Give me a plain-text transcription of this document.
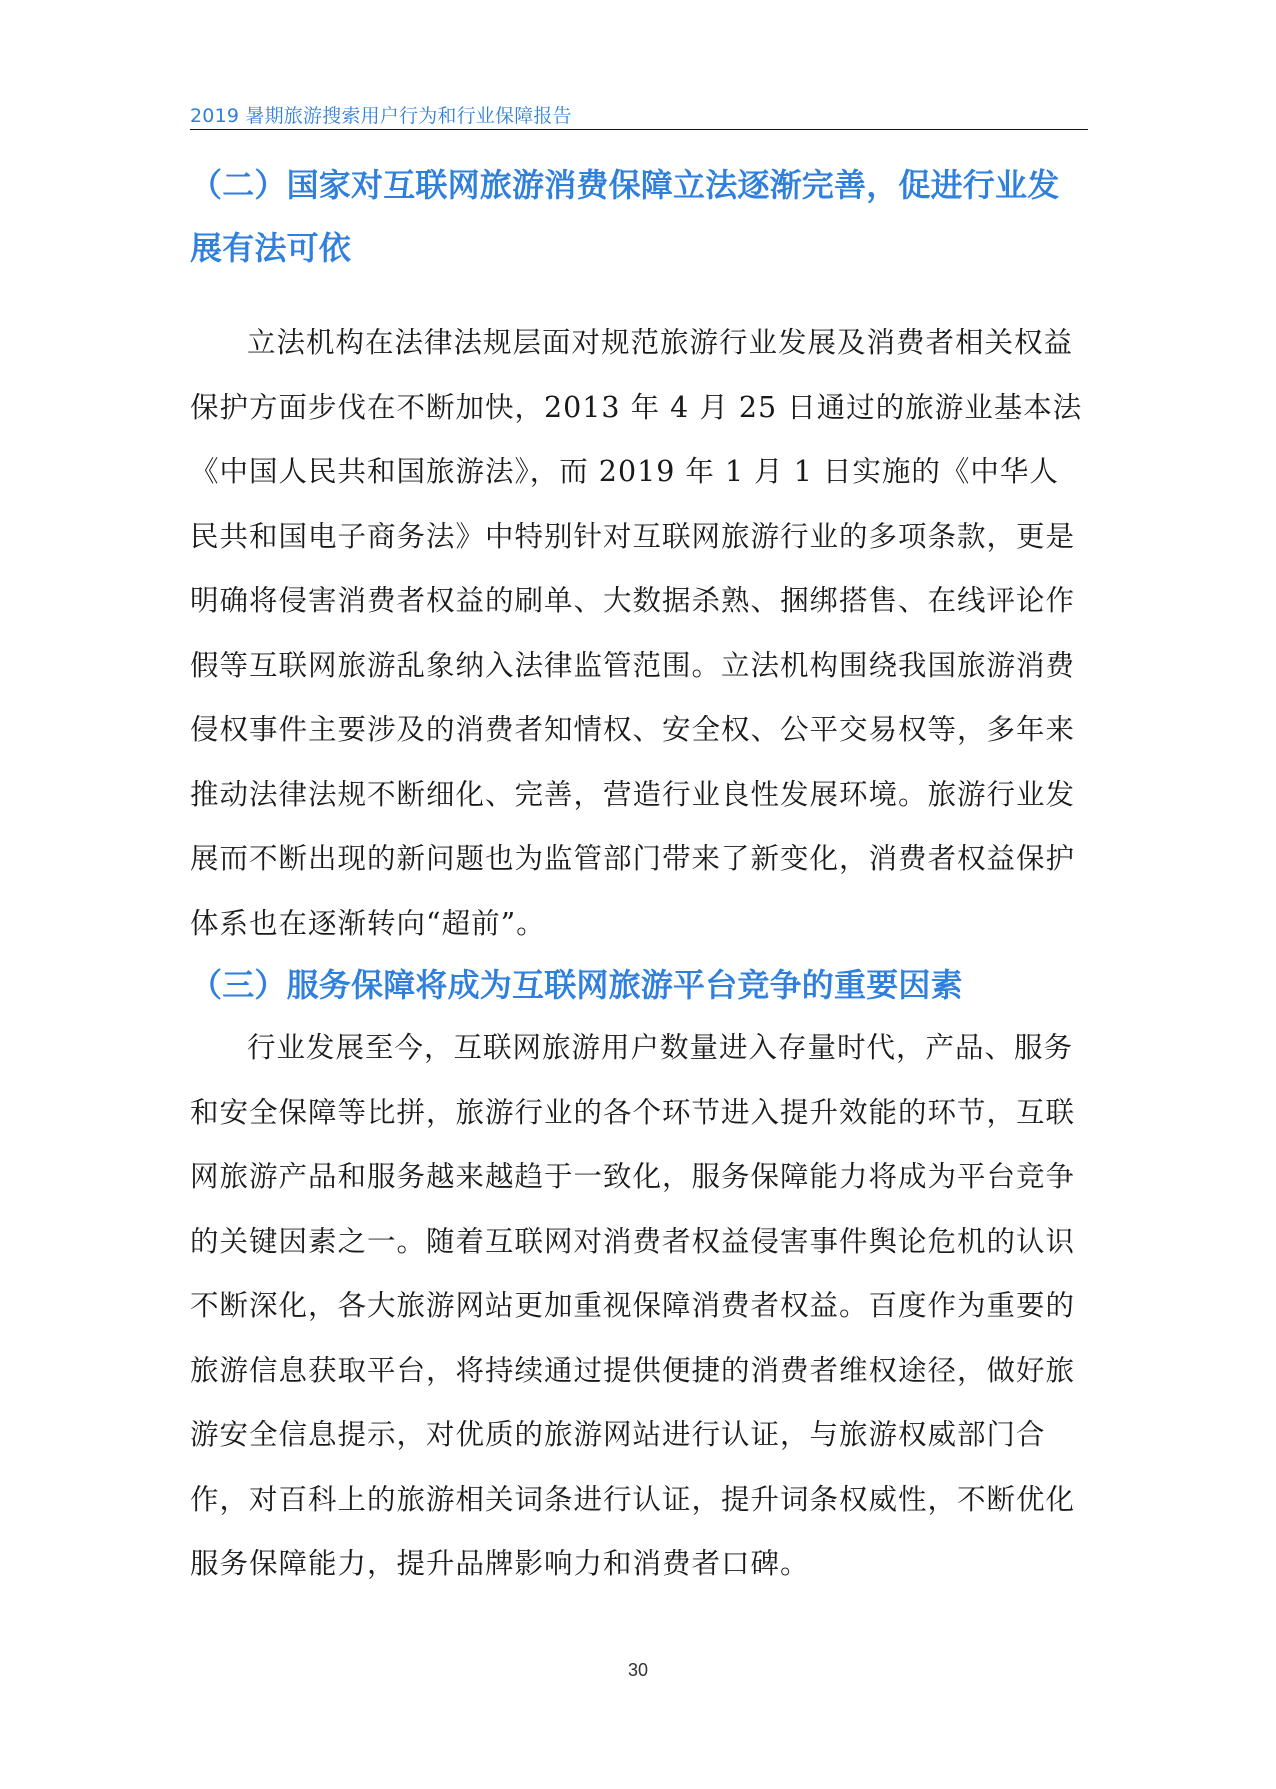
2019 暑期旅游搜索用户行为和行业保障报告
（二）国家对互联网旅游消费保障立法逐渐完善，促进行业发展有法可依

立法机构在法律法规层面对规范旅游行业发展及消费者相关权益保护方面步伐在不断加快，2013 年 4 月 25 日通过的旅游业基本法《中国人民共和国旅游法》，而 2019 年 1 月 1 日实施的《中华人民共和国电子商务法》中特别针对互联网旅游行业的多项条款，更是明确将侵害消费者权益的刷单、大数据杀熟、捆绑搭售、在线评论作假等互联网旅游乱象纳入法律监管范围。立法机构围绕我国旅游消费侵权事件主要涉及的消费者知情权、安全权、公平交易权等，多年来推动法律法规不断细化、完善，营造行业良性发展环境。旅游行业发展而不断出现的新问题也为监管部门带来了新变化，消费者权益保护体系也在逐渐转向“超前”。

（三）服务保障将成为互联网旅游平台竞争的重要因素

行业发展至今，互联网旅游用户数量进入存量时代，产品、服务和安全保障等比拼，旅游行业的各个环节进入提升效能的环节，互联网旅游产品和服务越来越趋于一致化，服务保障能力将成为平台竞争的关键因素之一。随着互联网对消费者权益侵害事件舆论危机的认识不断深化，各大旅游网站更加重视保障消费者权益。百度作为重要的旅游信息获取平台，将持续通过提供便捷的消费者维权途径，做好旅游安全信息提示，对优质的旅游网站进行认证，与旅游权威部门合作，对百科上的旅游相关词条进行认证，提升词条权威性，不断优化服务保障能力，提升品牌影响力和消费者口碑。

30
